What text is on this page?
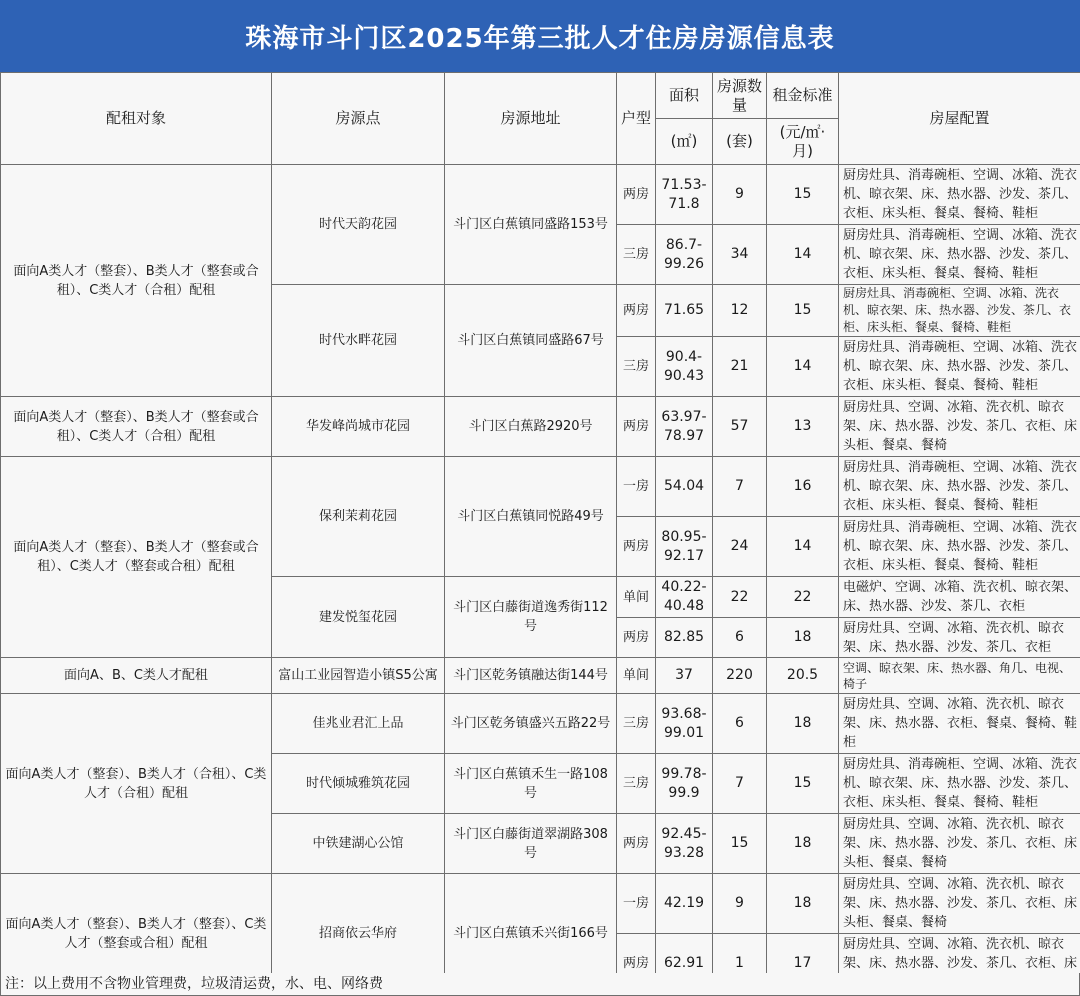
珠海市斗门区2025年第三批人才住房房源信息表
配租对象	房源点	房源地址	户型	面积	房源数量	租金标准	房屋配置
				(㎡)	(套)	(元/㎡·月)	
面向A类人才（整套）、B类人才（整套或合租）、C类人才（合租）配租	时代天韵花园	斗门区白蕉镇同盛路153号	两房	71.53-71.8	9	15	厨房灶具、消毒碗柜、空调、冰箱、洗衣机、晾衣架、床、热水器、沙发、茶几、衣柜、床头柜、餐桌、餐椅、鞋柜
			三房	86.7-99.26	34	14	厨房灶具、消毒碗柜、空调、冰箱、洗衣机、晾衣架、床、热水器、沙发、茶几、衣柜、床头柜、餐桌、餐椅、鞋柜
	时代水畔花园	斗门区白蕉镇同盛路67号	两房	71.65	12	15	厨房灶具、消毒碗柜、空调、冰箱、洗衣机、晾衣架、床、热水器、沙发、茶几、衣柜、床头柜、餐桌、餐椅、鞋柜
			三房	90.4-90.43	21	14	厨房灶具、消毒碗柜、空调、冰箱、洗衣机、晾衣架、床、热水器、沙发、茶几、衣柜、床头柜、餐桌、餐椅、鞋柜
面向A类人才（整套）、B类人才（整套或合租）、C类人才（合租）配租	华发峰尚城市花园	斗门区白蕉路2920号	两房	63.97-78.97	57	13	厨房灶具、空调、冰箱、洗衣机、晾衣架、床、热水器、沙发、茶几、衣柜、床头柜、餐桌、餐椅
面向A类人才（整套）、B类人才（整套或合租）、C类人才（整套或合租）配租	保利茉莉花园	斗门区白蕉镇同悦路49号	一房	54.04	7	16	厨房灶具、消毒碗柜、空调、冰箱、洗衣机、晾衣架、床、热水器、沙发、茶几、衣柜、床头柜、餐桌、餐椅、鞋柜
			两房	80.95-92.17	24	14	厨房灶具、消毒碗柜、空调、冰箱、洗衣机、晾衣架、床、热水器、沙发、茶几、衣柜、床头柜、餐桌、餐椅、鞋柜
	建发悦玺花园	斗门区白藤街道逸秀街112号	单间	40.22-40.48	22	22	电磁炉、空调、冰箱、洗衣机、晾衣架、床、热水器、沙发、茶几、衣柜
			两房	82.85	6	18	厨房灶具、空调、冰箱、洗衣机、晾衣架、床、热水器、沙发、茶几、衣柜
面向A、B、C类人才配租	富山工业园智造小镇S5公寓	斗门区乾务镇融达街144号	单间	37	220	20.5	空调、晾衣架、床、热水器、角几、电视、椅子
面向A类人才（整套）、B类人才（合租）、C类人才（合租）配租	佳兆业君汇上品	斗门区乾务镇盛兴五路22号	三房	93.68-99.01	6	18	厨房灶具、空调、冰箱、洗衣机、晾衣架、床、热水器、衣柜、餐桌、餐椅、鞋柜
	时代倾城雅筑花园	斗门区白蕉镇禾生一路108号	三房	99.78-99.9	7	15	厨房灶具、消毒碗柜、空调、冰箱、洗衣机、晾衣架、床、热水器、沙发、茶几、衣柜、床头柜、餐桌、餐椅、鞋柜
	中铁建湖心公馆	斗门区白藤街道翠湖路308号	两房	92.45-93.28	15	18	厨房灶具、空调、冰箱、洗衣机、晾衣架、床、热水器、沙发、茶几、衣柜、床头柜、餐桌、餐椅
面向A类人才（整套）、B类人才（整套）、C类人才（整套或合租）配租	招商依云华府	斗门区白蕉镇禾兴街166号	一房	42.19	9	18	厨房灶具、空调、冰箱、洗衣机、晾衣架、床、热水器、沙发、茶几、衣柜、床头柜、餐桌、餐椅
			两房	62.91	1	17	厨房灶具、空调、冰箱、洗衣机、晾衣架、床、热水器、沙发、茶几、衣柜、床
注：以上费用不含物业管理费，垃圾清运费，水、电、网络费
